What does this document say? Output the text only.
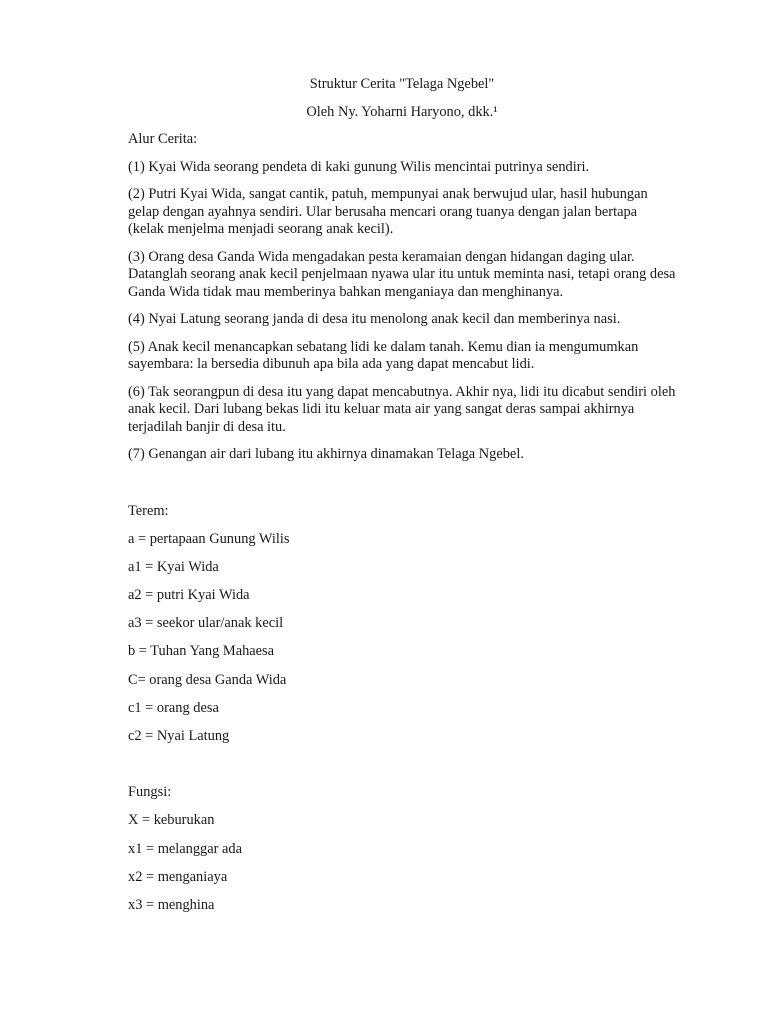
Struktur Cerita "Telaga Ngebel"
Oleh Ny. Yoharni Haryono, dkk.¹
Alur Cerita:
(1) Kyai Wida seorang pendeta di kaki gunung Wilis mencintai putrinya sendiri.
(2) Putri Kyai Wida, sangat cantik, patuh, mempunyai anak berwujud ular, hasil hubungan gelap dengan ayahnya sendiri. Ular berusaha mencari orang tuanya dengan jalan bertapa (kelak menjelma menjadi seorang anak kecil).
(3) Orang desa Ganda Wida mengadakan pesta keramaian dengan hidangan daging ular. Datanglah seorang anak kecil penjelmaan nyawa ular itu untuk meminta nasi, tetapi orang desa Ganda Wida tidak mau memberinya bahkan menganiaya dan menghinanya.
(4) Nyai Latung seorang janda di desa itu menolong anak kecil dan memberinya nasi.
(5) Anak kecil menancapkan sebatang lidi ke dalam tanah. Kemu dian ia mengumumkan sayembara: la bersedia dibunuh apa bila ada yang dapat mencabut lidi.
(6) Tak seorangpun di desa itu yang dapat mencabutnya. Akhir nya, lidi itu dicabut sendiri oleh anak kecil. Dari lubang bekas lidi itu keluar mata air yang sangat deras sampai akhirnya terjadilah banjir di desa itu.
(7) Genangan air dari lubang itu akhirnya dinamakan Telaga Ngebel.
Terem:
a = pertapaan Gunung Wilis
a1 = Kyai Wida
a2 = putri Kyai Wida
a3 = seekor ular/anak kecil
b = Tuhan Yang Mahaesa
C= orang desa Ganda Wida
c1 = orang desa
c2 = Nyai Latung
Fungsi:
X = keburukan
x1 = melanggar ada
x2 = menganiaya
x3 = menghina
